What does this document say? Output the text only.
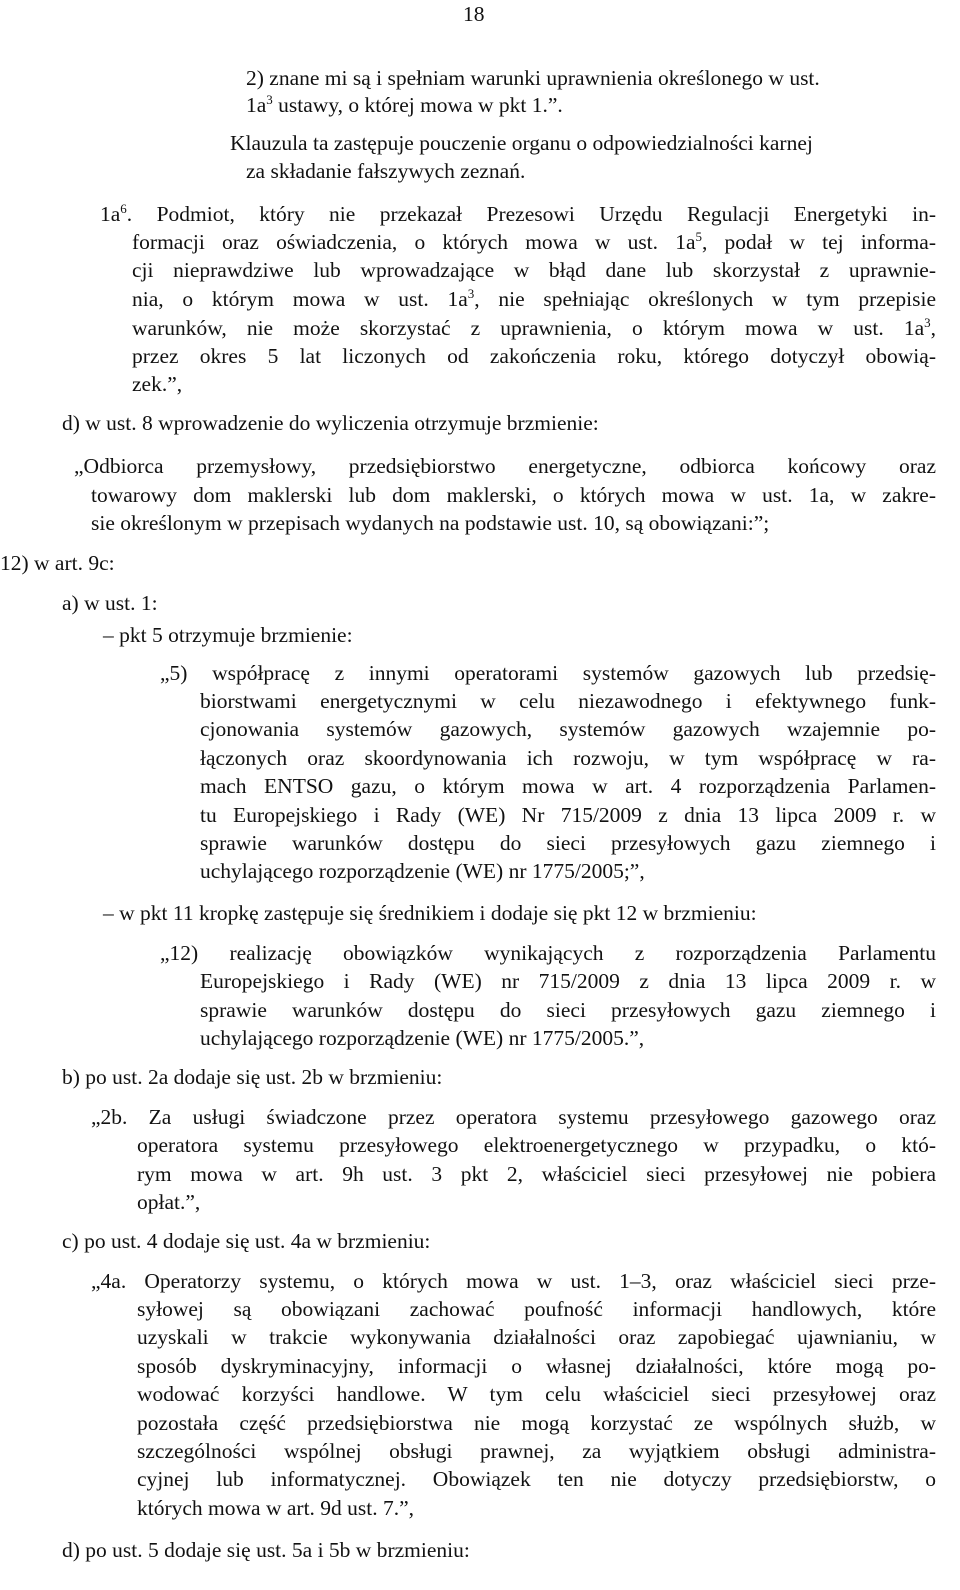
18
2) znane mi są i spełniam warunki uprawnienia określonego w ust.
$1a^3$ ustawy, o której mowa w pkt 1.”.
Klauzula ta zastępuje pouczenie organu o odpowiedzialności karnej
za składanie fałszywych zeznań.
$1a^6$. Podmiot, który nie przekazał Prezesowi Urzędu Regulacji Energetyki in-
formacji oraz oświadczenia, o których mowa w ust. $1a^5$, podał w tej informa-
cji nieprawdziwe lub wprowadzające w błąd dane lub skorzystał z uprawnie-
nia, o którym mowa w ust. $1a^3$, nie spełniając określonych w tym przepisie
warunków, nie może skorzystać z uprawnienia, o którym mowa w ust. $1a^3$,
przez okres 5 lat liczonych od zakończenia roku, którego dotyczył obowią-
zek.”,
d) w ust. 8 wprowadzenie do wyliczenia otrzymuje brzmienie:
„Odbiorca przemysłowy, przedsiębiorstwo energetyczne, odbiorca końcowy oraz
towarowy dom maklerski lub dom maklerski, o których mowa w ust. 1a, w zakre-
sie określonym w przepisach wydanych na podstawie ust. 10, są obowiązani:”;
12) w art. 9c:
a) w ust. 1:
– pkt 5 otrzymuje brzmienie:
„5) współpracę z innymi operatorami systemów gazowych lub przedsię-
biorstwami energetycznymi w celu niezawodnego i efektywnego funk-
cjonowania systemów gazowych, systemów gazowych wzajemnie po-
łączonych oraz skoordynowania ich rozwoju, w tym współpracę w ra-
mach ENTSO gazu, o którym mowa w art. 4 rozporządzenia Parlamen-
tu Europejskiego i Rady (WE) Nr 715/2009 z dnia 13 lipca 2009 r. w
sprawie warunków dostępu do sieci przesyłowych gazu ziemnego i
uchylającego rozporządzenie (WE) nr 1775/2005;”,
– w pkt 11 kropkę zastępuje się średnikiem i dodaje się pkt 12 w brzmieniu:
„12) realizację obowiązków wynikających z rozporządzenia Parlamentu
Europejskiego i Rady (WE) nr 715/2009 z dnia 13 lipca 2009 r. w
sprawie warunków dostępu do sieci przesyłowych gazu ziemnego i
uchylającego rozporządzenie (WE) nr 1775/2005.”,
b) po ust. 2a dodaje się ust. 2b w brzmieniu:
„2b. Za usługi świadczone przez operatora systemu przesyłowego gazowego oraz
operatora systemu przesyłowego elektroenergetycznego w przypadku, o któ-
rym mowa w art. 9h ust. 3 pkt 2, właściciel sieci przesyłowej nie pobiera
opłat.”,
c) po ust. 4 dodaje się ust. 4a w brzmieniu:
„4a. Operatorzy systemu, o których mowa w ust. 1–3, oraz właściciel sieci prze-
syłowej są obowiązani zachować poufność informacji handlowych, które
uzyskali w trakcie wykonywania działalności oraz zapobiegać ujawnianiu, w
sposób dyskryminacyjny, informacji o własnej działalności, które mogą po-
wodować korzyści handlowe. W tym celu właściciel sieci przesyłowej oraz
pozostała część przedsiębiorstwa nie mogą korzystać ze wspólnych służb, w
szczególności wspólnej obsługi prawnej, za wyjątkiem obsługi administra-
cyjnej lub informatycznej. Obowiązek ten nie dotyczy przedsiębiorstw, o
których mowa w art. 9d ust. 7.”,
d) po ust. 5 dodaje się ust. 5a i 5b w brzmieniu:
